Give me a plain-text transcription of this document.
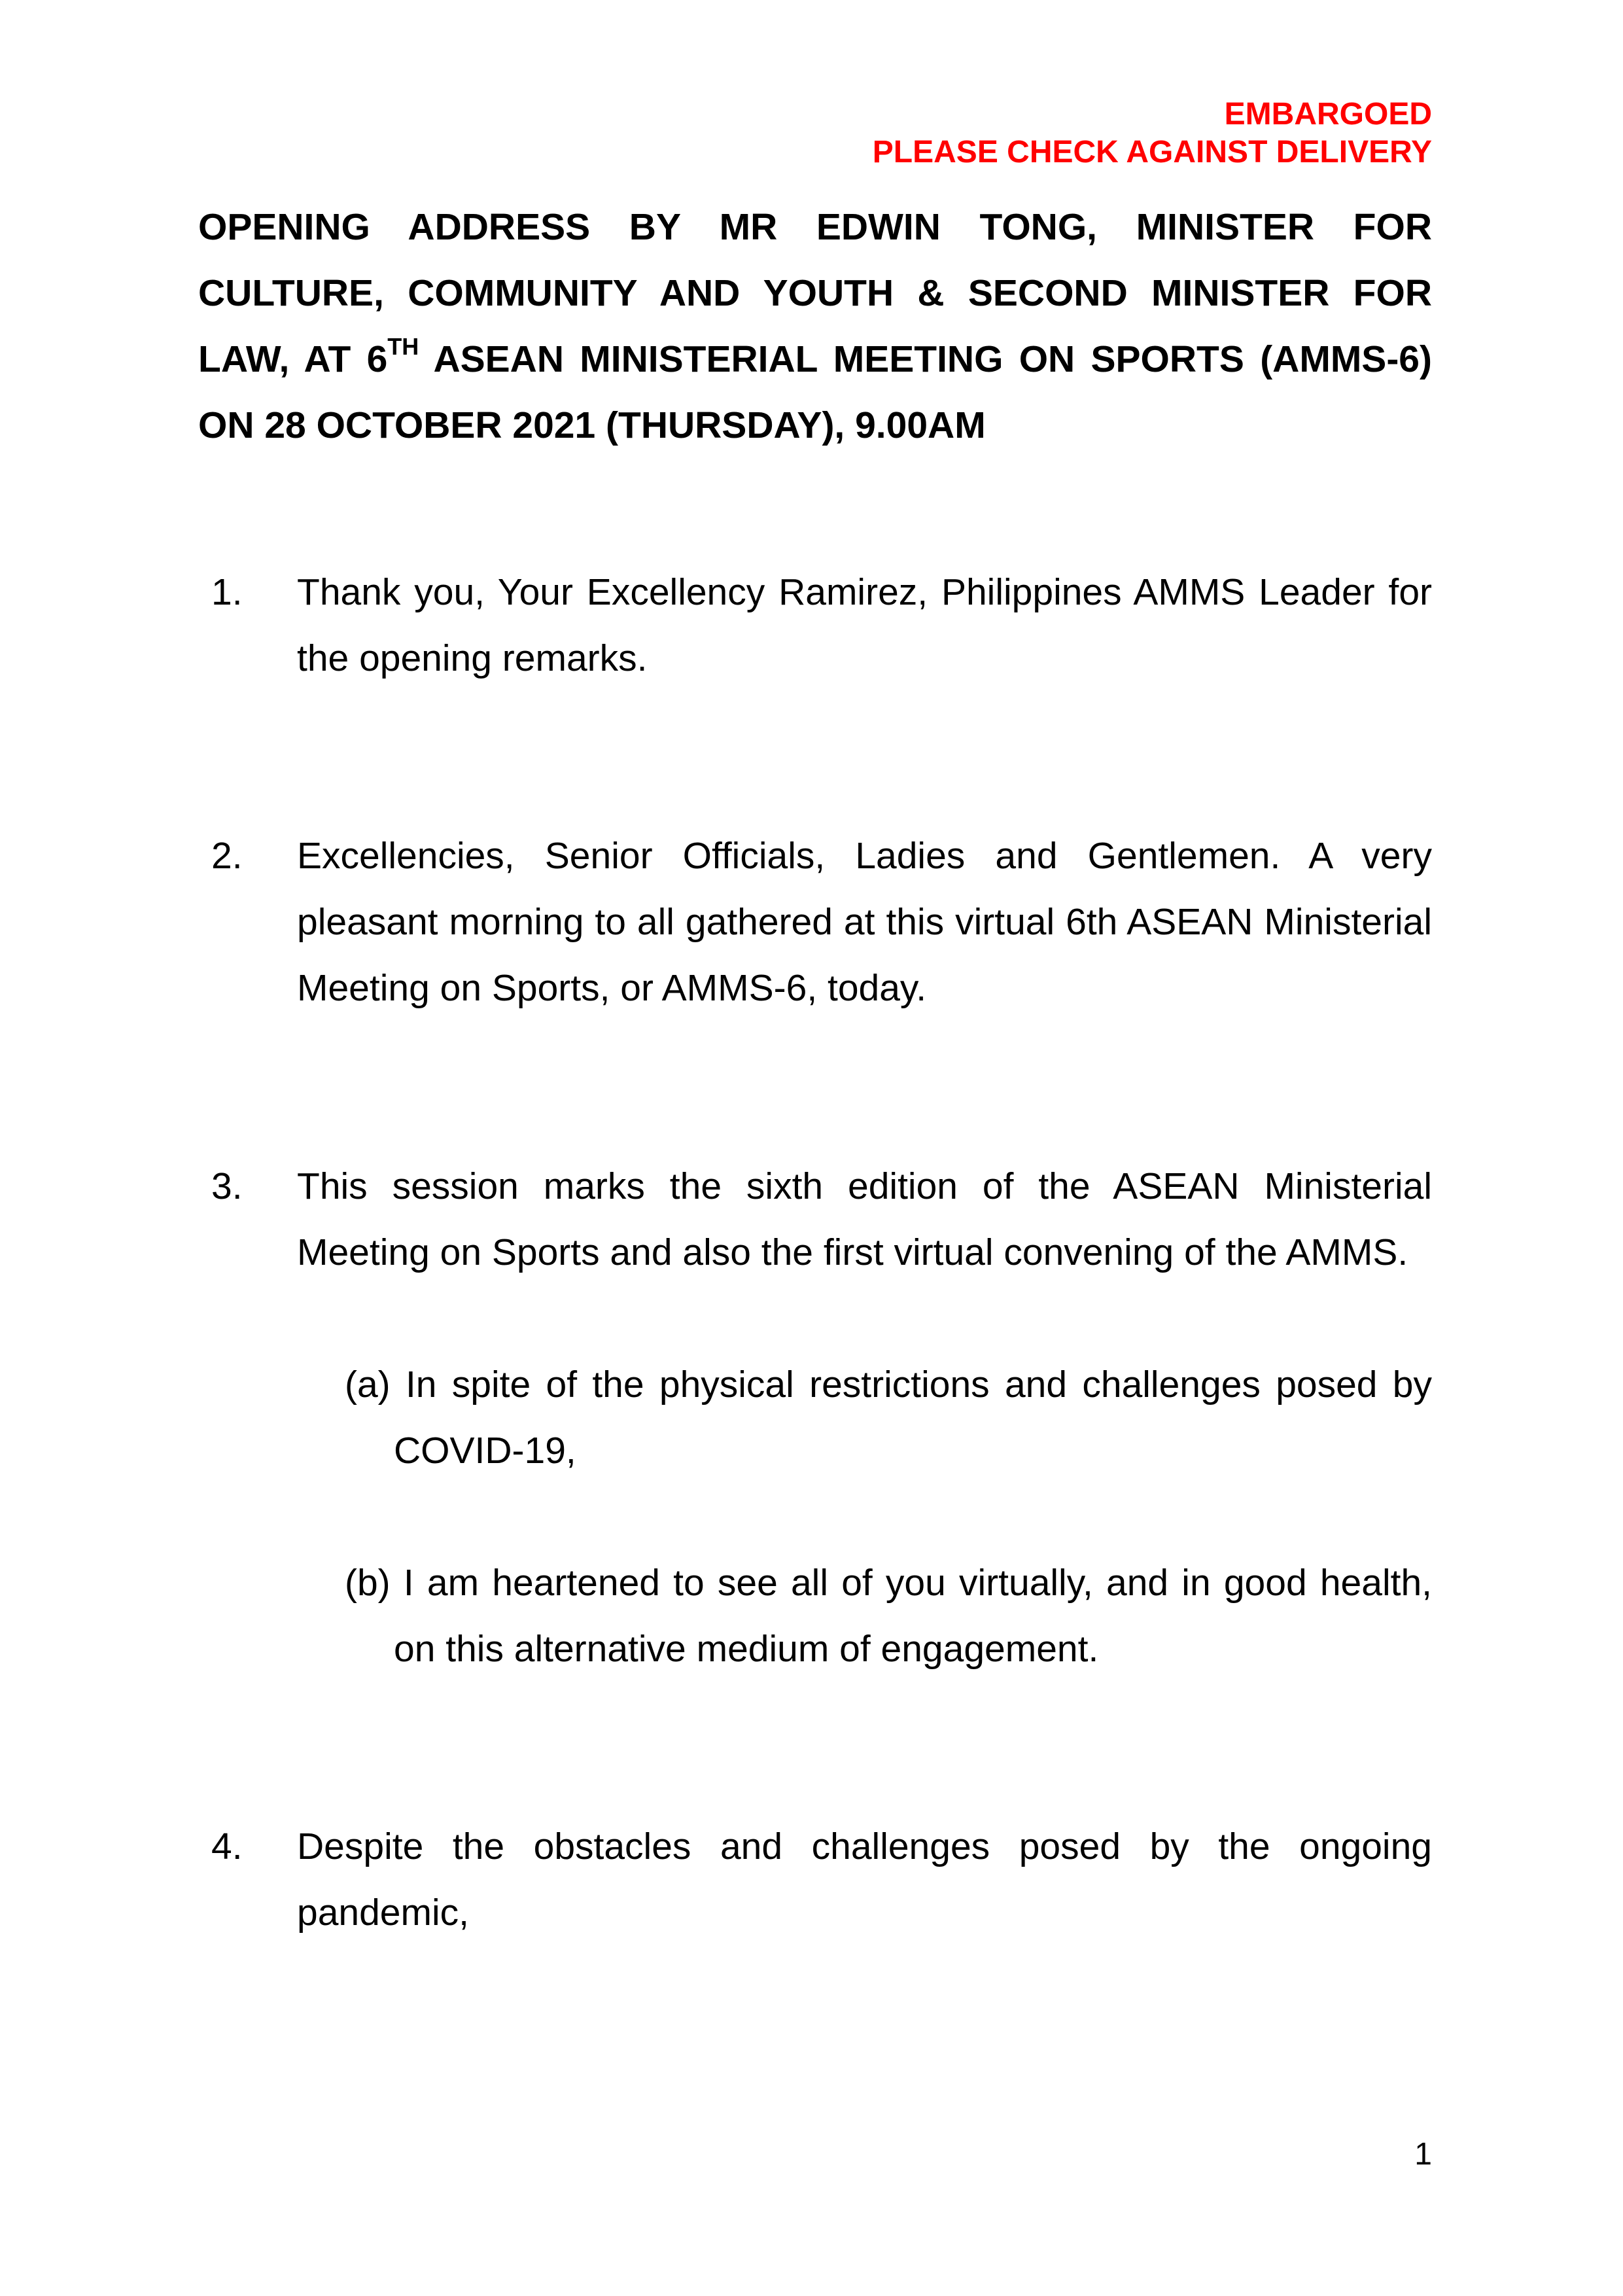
EMBARGOED
PLEASE CHECK AGAINST DELIVERY
OPENING ADDRESS BY MR EDWIN TONG, MINISTER FOR
CULTURE, COMMUNITY AND YOUTH & SECOND MINISTER FOR
LAW, AT 6TH ASEAN MINISTERIAL MEETING ON SPORTS (AMMS-6)
ON 28 OCTOBER 2021 (THURSDAY), 9.00AM
1. Thank you, Your Excellency Ramirez, Philippines AMMS Leader for
the opening remarks.
2. Excellencies, Senior Officials, Ladies and Gentlemen. A very
pleasant morning to all gathered at this virtual 6th ASEAN Ministerial
Meeting on Sports, or AMMS-6, today.
3. This session marks the sixth edition of the ASEAN Ministerial
Meeting on Sports and also the first virtual convening of the AMMS.
(a) In spite of the physical restrictions and challenges posed by
COVID-19,
(b) I am heartened to see all of you virtually, and in good health,
on this alternative medium of engagement.
4. Despite the obstacles and challenges posed by the ongoing
pandemic,
1
